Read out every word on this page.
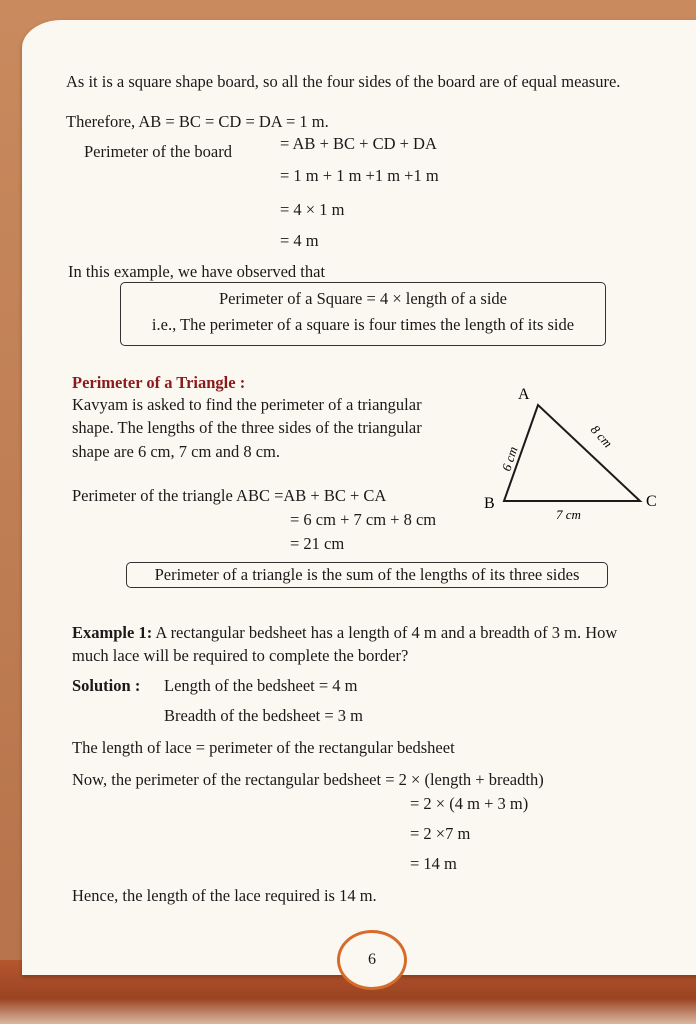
As it is a square shape board, so all the four sides of the board are of equal measure.
Therefore, AB = BC = CD = DA = 1 m.
Perimeter of the board	= AB + BC + CD + DA
= 1 m + 1 m +1 m +1 m
= 4 × 1 m
= 4 m
In this example, we have observed that
Perimeter of a Square = 4 × length of a side
i.e., The perimeter of a square is four times the length of its side
Perimeter of a Triangle :
Kavyam is asked to find the perimeter of a triangular
shape. The lengths of the three sides of the triangular
shape are 6 cm, 7 cm and 8 cm.
Perimeter of the triangle ABC =AB + BC + CA
= 6 cm + 7 cm + 8 cm
= 21 cm
A
B	C
6 cm
8 cm
7 cm
Perimeter of a triangle is the sum of the lengths of its three sides
Example 1: A rectangular bedsheet has a length of 4 m and a breadth of 3 m. How
much lace will be required to complete the border?
Solution : Length of the bedsheet = 4 m
Breadth of the bedsheet = 3 m
The length of lace = perimeter of the rectangular bedsheet
Now, the perimeter of the rectangular bedsheet = 2 × (length + breadth)
= 2 × (4 m + 3 m)
= 2 ×7 m
= 14 m
Hence, the length of the lace required is 14 m.
6
